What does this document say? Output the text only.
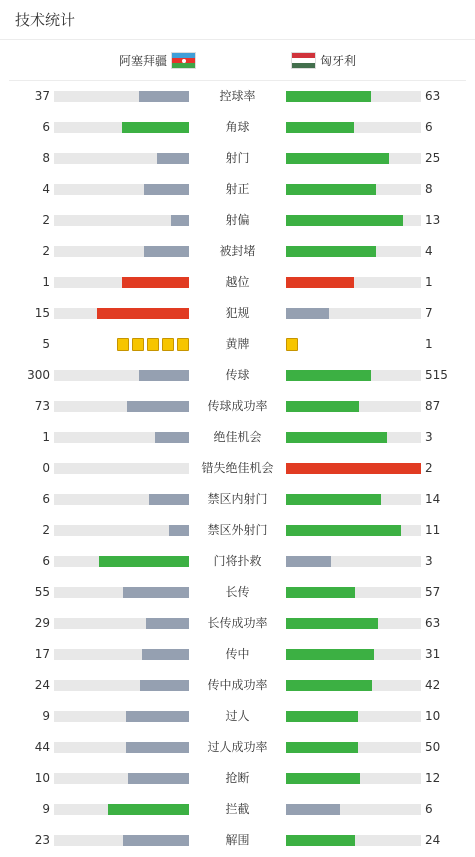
技术统计
阿塞拜疆	匈牙利
37	控球率	63
6	角球	6
8	射门	25
4	射正	8
2	射偏	13
2	被封堵	4
1	越位	1
15	犯规	7
5	黄牌	1
300	传球	515
73	传球成功率	87
1	绝佳机会	3
0	错失绝佳机会	2
6	禁区内射门	14
2	禁区外射门	11
6	门将扑救	3
55	长传	57
29	长传成功率	63
17	传中	31
24	传中成功率	42
9	过人	10
44	过人成功率	50
10	抢断	12
9	拦截	6
23	解围	24
